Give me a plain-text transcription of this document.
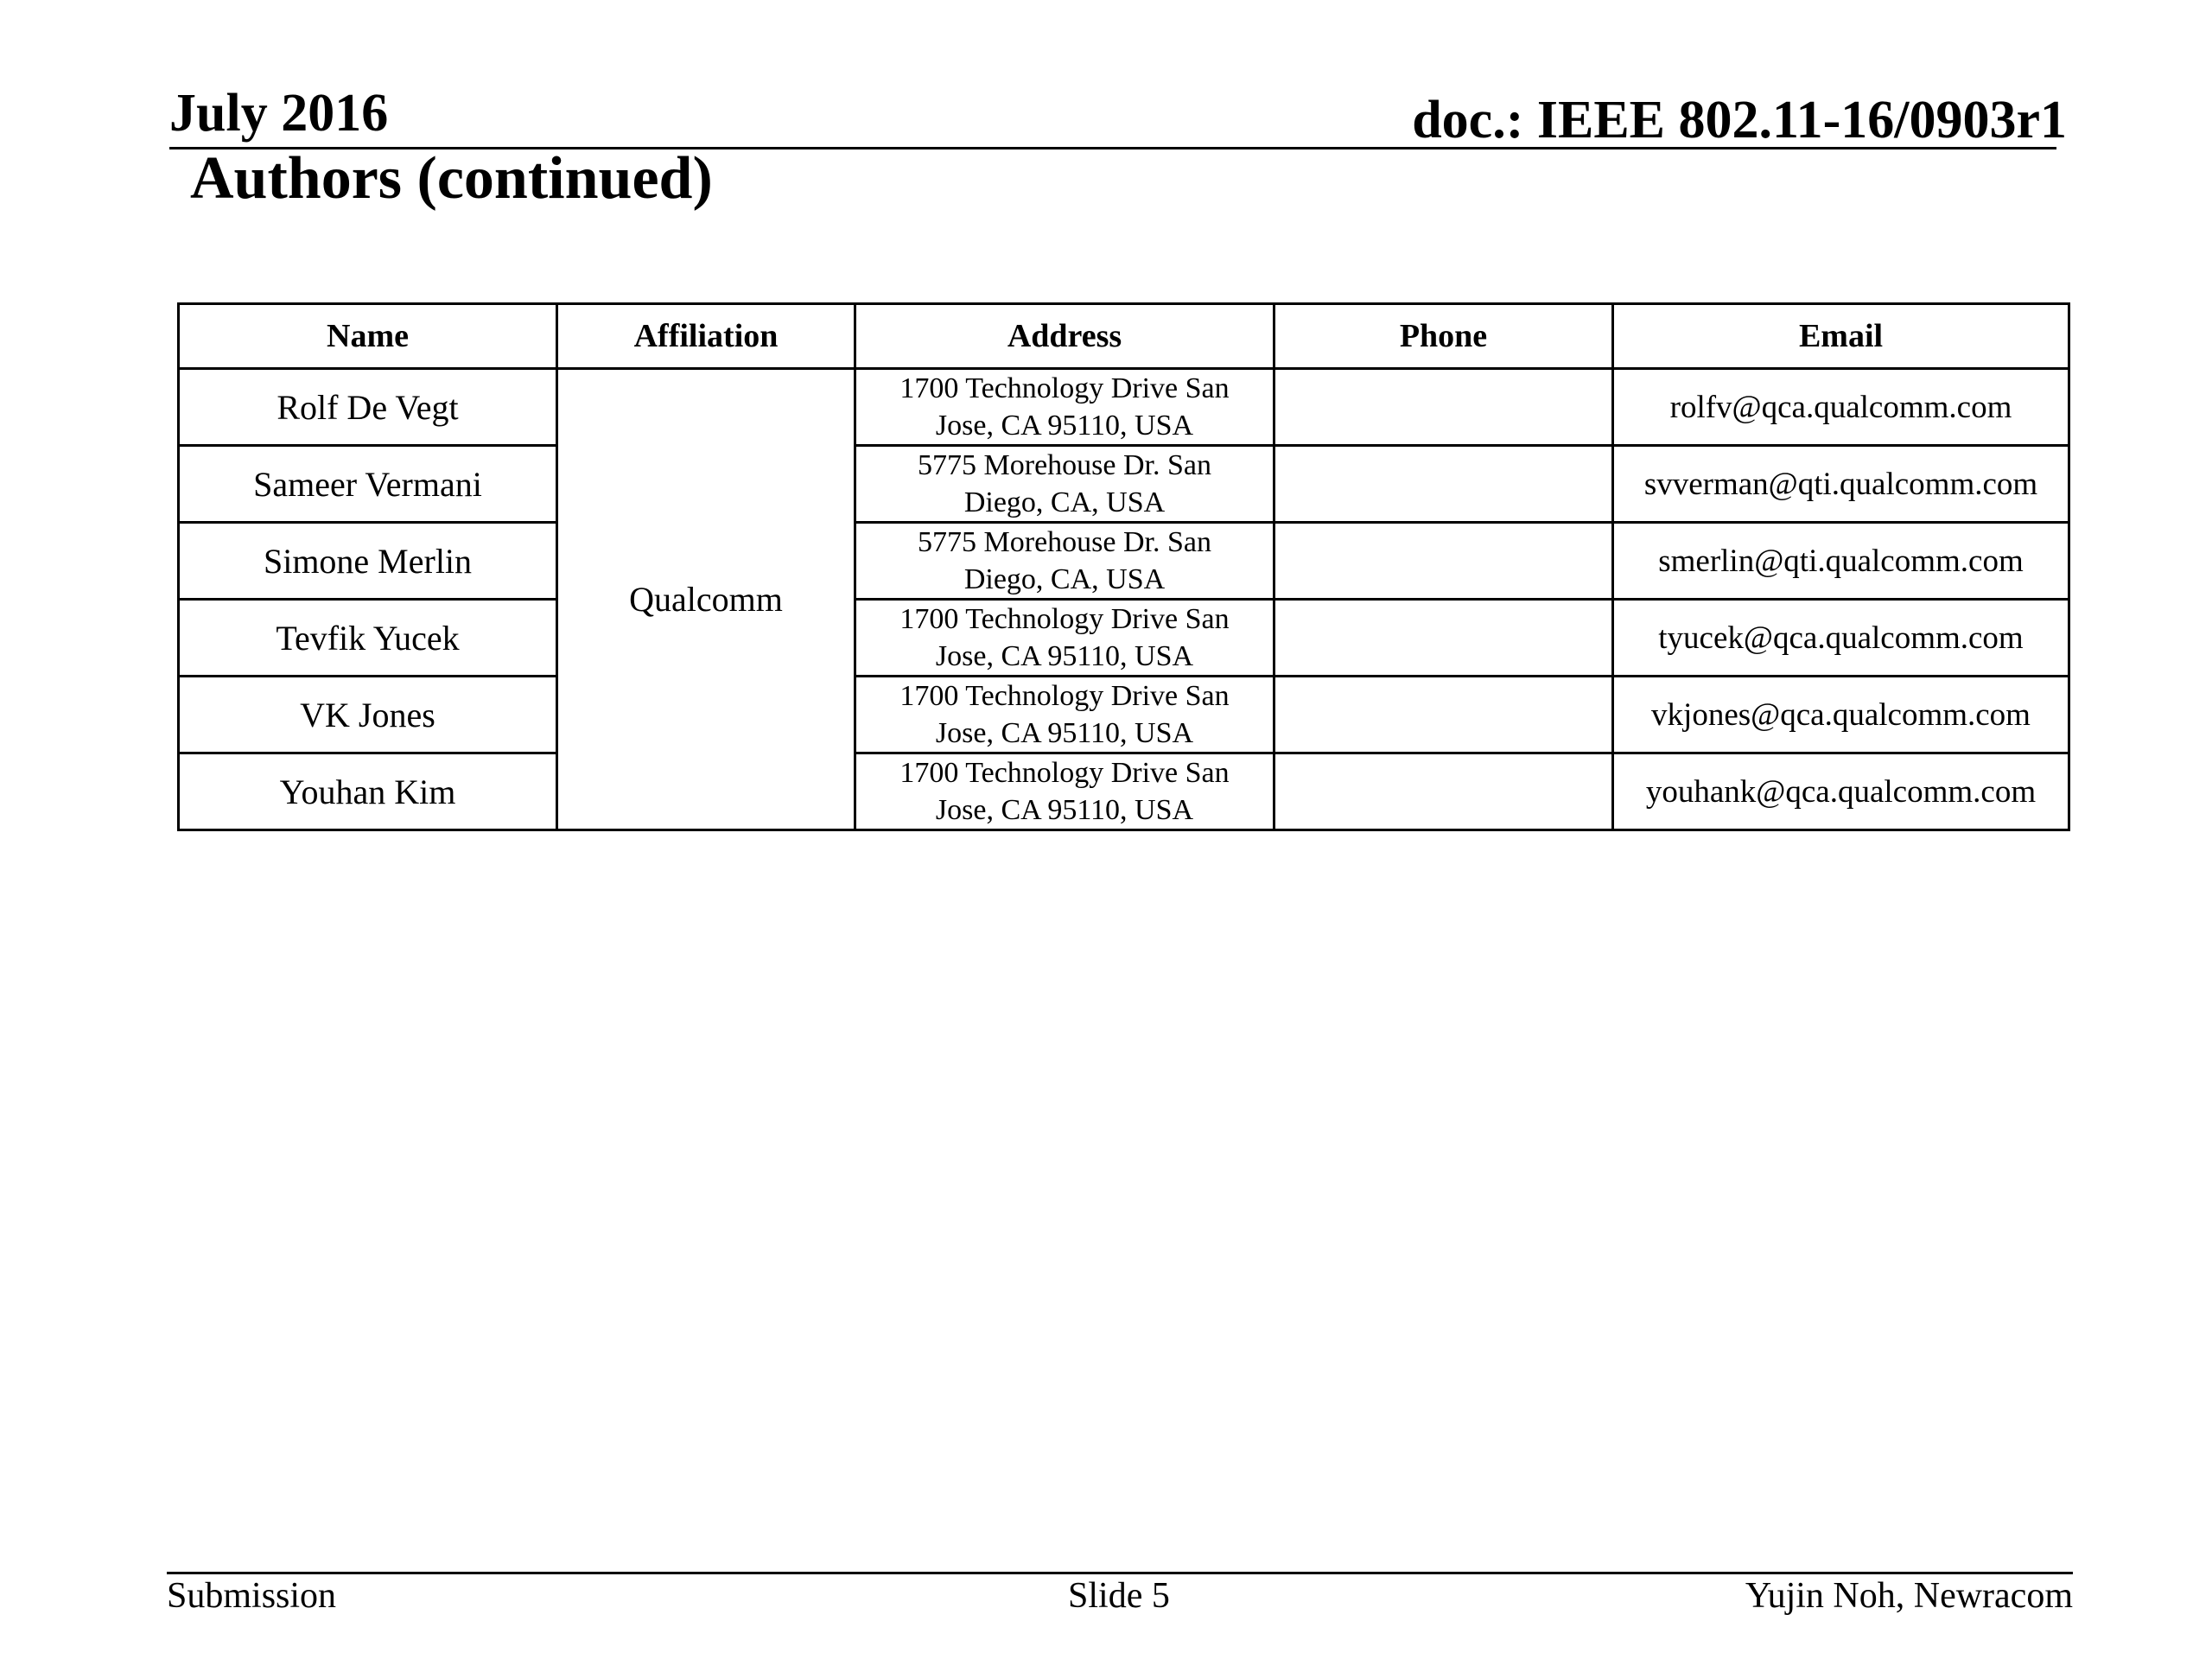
July 2016	doc.: IEEE 802.11-16/0903r1
Authors (continued)
Name	Affiliation	Address	Phone	Email
Rolf De Vegt	Qualcomm	1700 Technology Drive San Jose, CA 95110, USA		rolfv@qca.qualcomm.com
Sameer Vermani		5775 Morehouse Dr. San Diego, CA, USA		svverman@qti.qualcomm.com
Simone Merlin		5775 Morehouse Dr. San Diego, CA, USA		smerlin@qti.qualcomm.com
Tevfik Yucek		1700 Technology Drive San Jose, CA 95110, USA		tyucek@qca.qualcomm.com
VK Jones		1700 Technology Drive San Jose, CA 95110, USA		vkjones@qca.qualcomm.com
Youhan Kim		1700 Technology Drive San Jose, CA 95110, USA		youhank@qca.qualcomm.com
Submission	Slide 5	Yujin Noh, Newracom
